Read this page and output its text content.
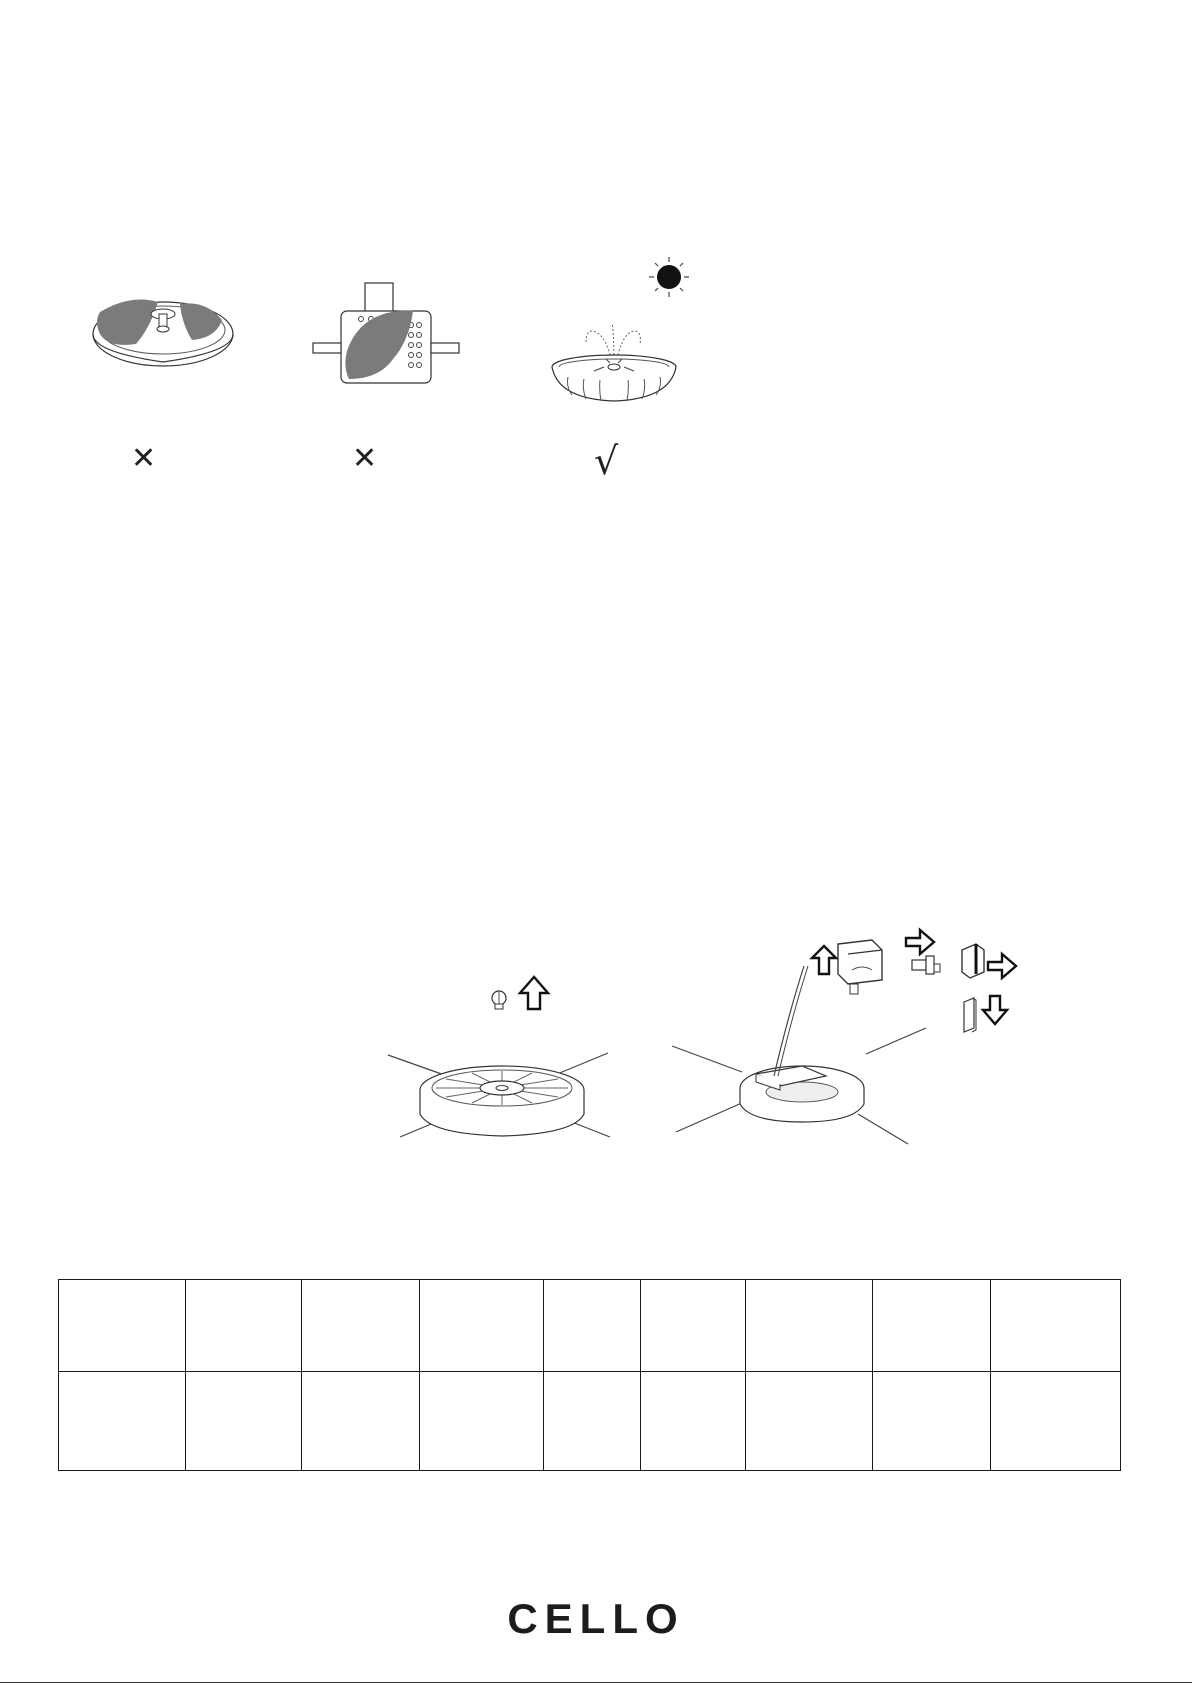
✕	✕	√

CELLO
